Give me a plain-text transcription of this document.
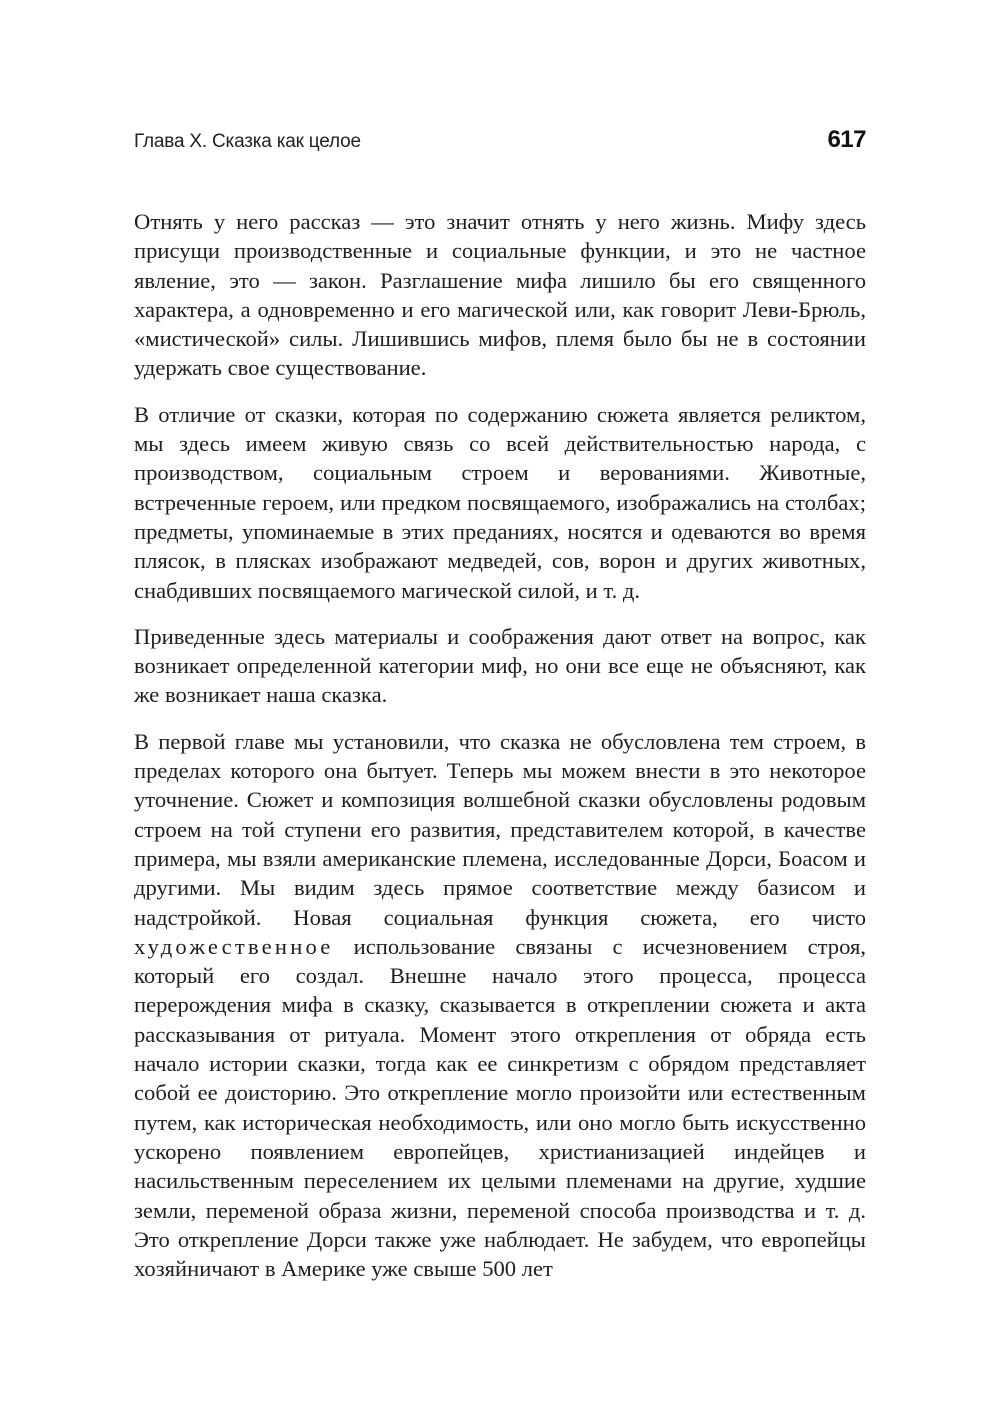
Глава X. Сказка как целое	617

Отнять у него рассказ — это значит отнять у него жизнь. Мифу здесь присущи производственные и социальные функции, и это не частное явление, это — закон. Разглашение мифа лишило бы его священного характера, а одновременно и его магической или, как говорит Леви-Брюль, «мистической» силы. Лишившись мифов, племя было бы не в состоянии удержать свое существование.

В отличие от сказки, которая по содержанию сюжета является реликтом, мы здесь имеем живую связь со всей действительностью народа, с производством, социальным строем и верованиями. Животные, встреченные героем, или предком посвящаемого, изображались на столбах; предметы, упоминаемые в этих преданиях, носятся и одеваются во время плясок, в плясках изображают медведей, сов, ворон и других животных, снабдивших посвящаемого магической силой, и т. д.

Приведенные здесь материалы и соображения дают ответ на вопрос, как возникает определенной категории миф, но они все еще не объясняют, как же возникает наша сказка.

В первой главе мы установили, что сказка не обусловлена тем строем, в пределах которого она бытует. Теперь мы можем внести в это некоторое уточнение. Сюжет и композиция волшебной сказки обусловлены родовым строем на той ступени его развития, представителем которой, в качестве примера, мы взяли американские племена, исследованные Дорси, Боасом и другими. Мы видим здесь прямое соответствие между базисом и надстройкой. Новая социальная функция сюжета, его чисто художественное использование связаны с исчезновением строя, который его создал. Внешне начало этого процесса, процесса перерождения мифа в сказку, сказывается в откреплении сюжета и акта рассказывания от ритуала. Момент этого открепления от обряда есть начало истории сказки, тогда как ее синкретизм с обрядом представляет собой ее доисторию. Это открепление могло произойти или естественным путем, как историческая необходимость, или оно могло быть искусственно ускорено появлением европейцев, христианизацией индейцев и насильственным переселением их целыми племенами на другие, худшие земли, переменой образа жизни, переменой способа производства и т. д. Это открепление Дорси также уже наблюдает. Не забудем, что европейцы хозяйничают в Америке уже свыше 500 лет
